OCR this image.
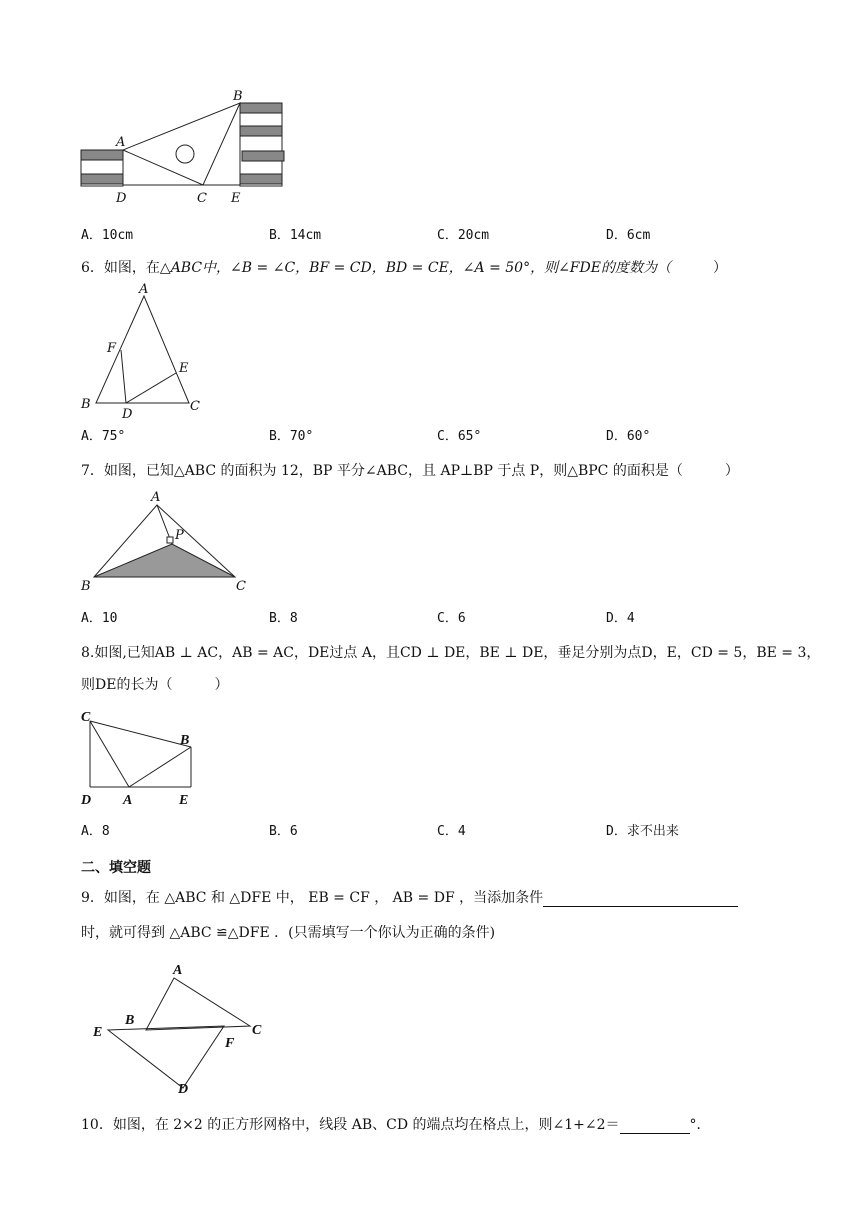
A
B
C
D	E
A．10cm	B．14cm	C．20cm	D．6cm
6．如图，在△ABC中，∠B = ∠C，BF = CD，BD = CE，∠A = 50°，则∠FDE的度数为（	）
A
F
E
B
D
C
A．75°	B．70°	C．65°	D．60°
7．如图，已知△ABC 的面积为 12，BP 平分∠ABC，且 AP⊥BP 于点 P，则△BPC 的面积是（	）
A
P
B	C
A．10	B．8	C．6	D．4
8.如图,已知AB ⊥ AC，AB = AC，DE过点 A，且CD ⊥ DE，BE ⊥ DE，垂足分别为点D，E，CD = 5，BE = 3，
则DE的长为（	）
C
B
D A	E
A．8	B．6	C．4	D．求不出来
二、填空题
9．如图，在 △ABC 和 △DFE 中， EB = CF ， AB = DF ，当添加条件
时，就可得到 △ABC ≌△DFE ．(只需填写一个你认为正确的条件)
A
B
E	C
F
D
10．如图，在 2×2 的正方形网格中，线段 AB、CD 的端点均在格点上，则∠1+∠2＝	°．
